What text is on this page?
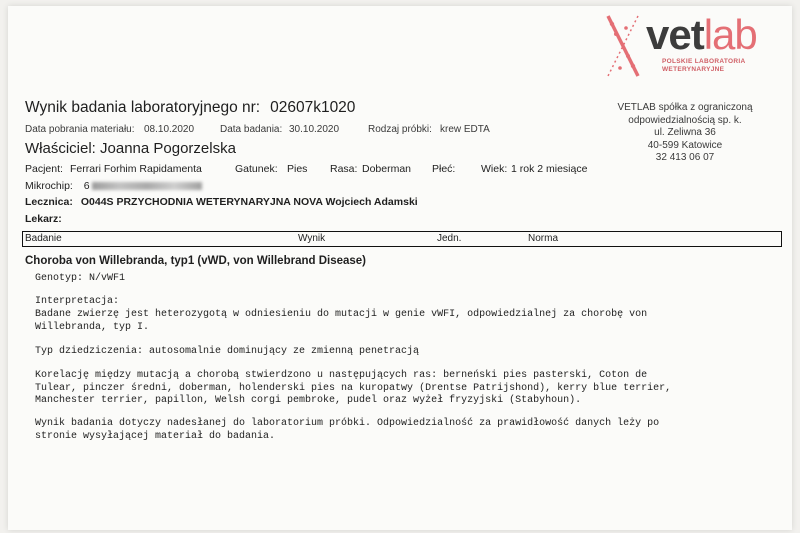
vetlab
POLSKIE LABORATORIA
WETERYNARYJNE
Wynik badania laboratoryjnego nr: 02607k1020
Data pobrania materiału: 08.10.2020	Data badania: 30.10.2020	Rodzaj próbki: krew EDTA
Właściciel: Joanna Pogorzelska
Pacjent: Ferrari Forhim Rapidamenta	Gatunek: Pies Rasa: Doberman Płeć: Wiek: 1 rok 2 miesiące
Mikrochip: 6
VETLAB spółka z ograniczoną
odpowiedzialnością sp. k.
ul. Zeliwna 36
40-599 Katowice
32 413 06 07
Lecznica: O044S PRZYCHODNIA WETERYNARYJNA NOVA Wojciech Adamski
Lekarz:
Badanie	Wynik	Jedn.	Norma
Choroba von Willebranda, typ1 (vWD, von Willebrand Disease)
Genotyp: N/vWF1
Interpretacja:
Badane zwierzę jest heterozygotą w odniesieniu do mutacji w genie vWFI, odpowiedzialnej za chorobę von
Willebranda, typ I.
Typ dziedziczenia: autosomalnie dominujący ze zmienną penetracją
Korelację między mutacją a chorobą stwierdzono u następujących ras: berneński pies pasterski, Coton de
Tulear, pinczer średni, doberman, holenderski pies na kuropatwy (Drentse Patrijshond), kerry blue terrier,
Manchester terrier, papillon, Welsh corgi pembroke, pudel oraz wyżeł fryzyjski (Stabyhoun).
Wynik badania dotyczy nadesłanej do laboratorium próbki. Odpowiedzialność za prawidłowość danych leży po
stronie wysyłającej materiał do badania.
